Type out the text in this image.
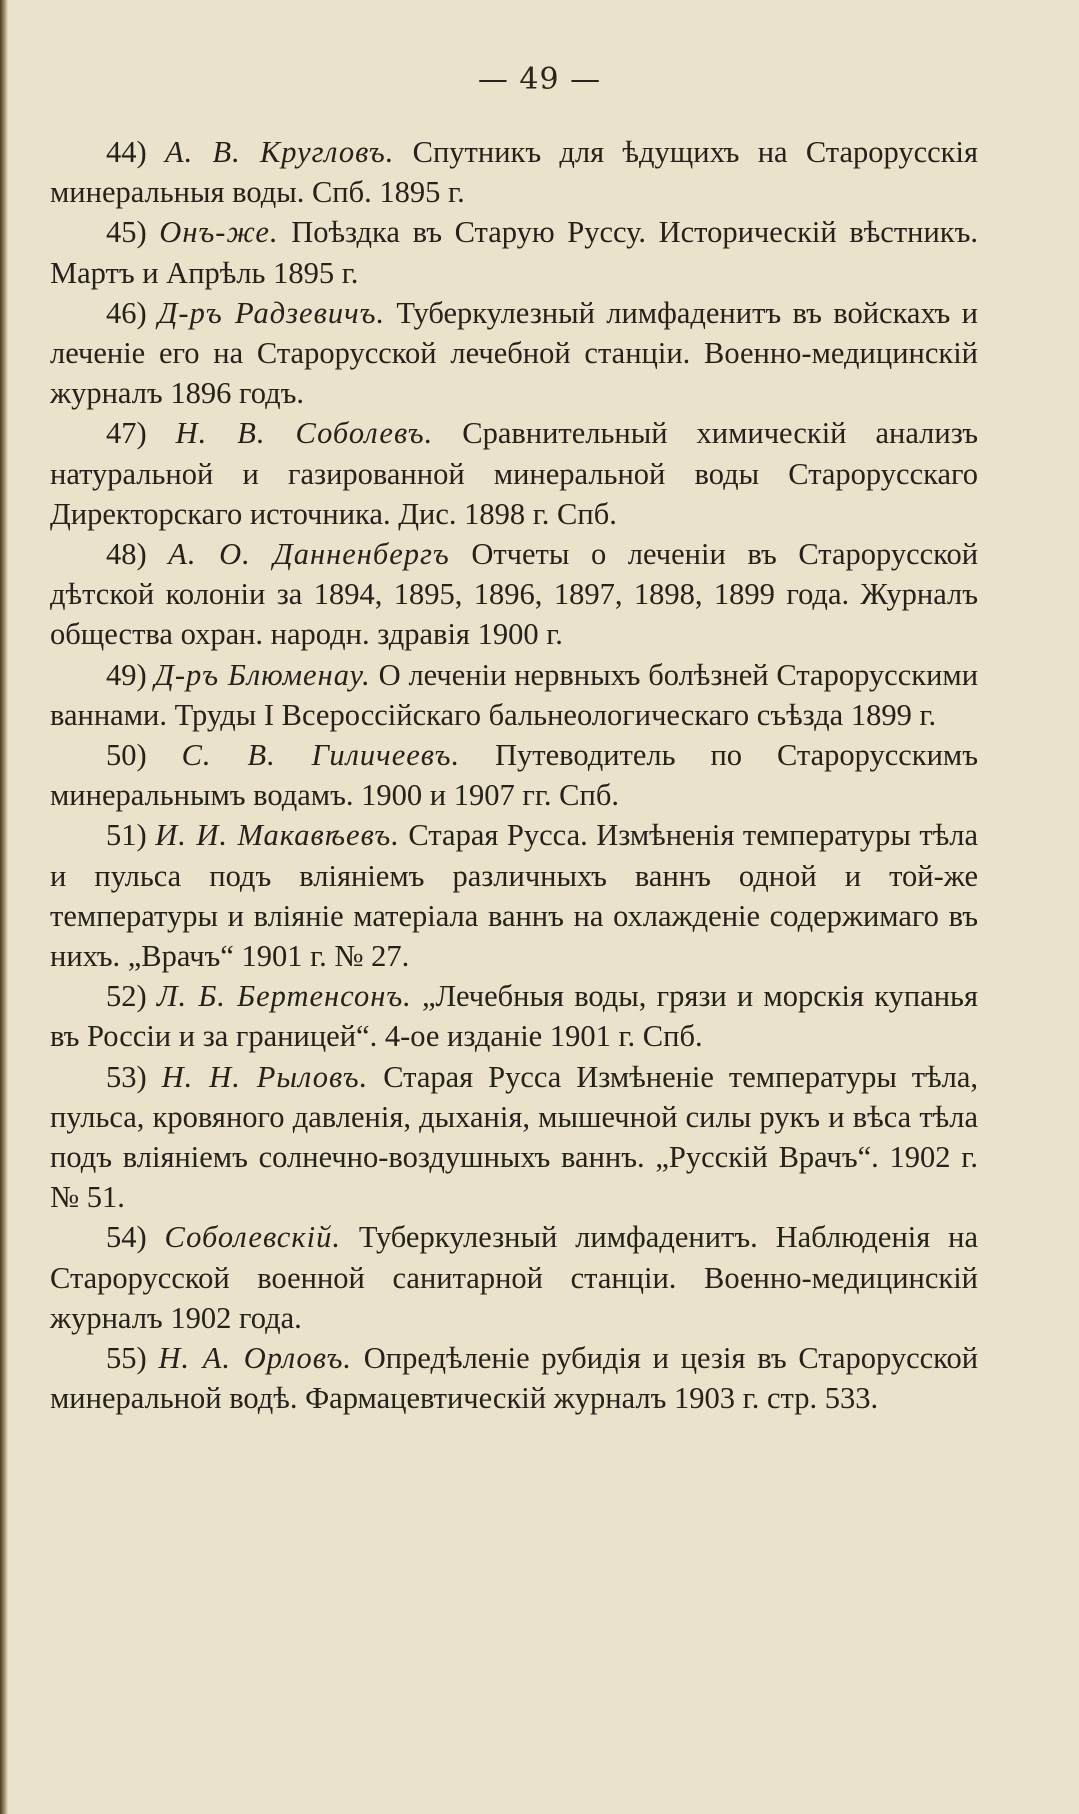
— 49 —

44) А. В. Кругловъ. Спутникъ для ѣдущихъ на Старорусскія минеральныя воды. Спб. 1895 г.

45) Онъ-же. Поѣздка въ Старую Руссу. Историческій вѣстникъ. Мартъ и Апрѣль 1895 г.

46) Д-ръ Радзевичъ. Туберкулезный лимфаденитъ въ войскахъ и леченіе его на Старорусской лечебной станціи. Военно-медицинскій журналъ 1896 годъ.

47) Н. В. Соболевъ. Сравнительный химическій анализъ натуральной и газированной минеральной воды Старорусскаго Директорскаго источника. Дис. 1898 г. Спб.

48) А. О. Данненбергъ Отчеты о леченіи въ Старорусской дѣтской колоніи за 1894, 1895, 1896, 1897, 1898, 1899 года. Журналъ общества охран. народн. здравія 1900 г.

49) Д-ръ Блюменау. О леченіи нервныхъ болѣзней Старорусскими ваннами. Труды I Всероссійскаго бальнеологическаго съѣзда 1899 г.

50) С. В. Гиличеевъ. Путеводитель по Старорусскимъ минеральнымъ водамъ. 1900 и 1907 гг. Спб.

51) И. И. Макавѣевъ. Старая Русса. Измѣненія температуры тѣла и пульса подъ вліяніемъ различныхъ ваннъ одной и той-же температуры и вліяніе матеріала ваннъ на охлажденіе содержимаго въ нихъ. „Врачъ“ 1901 г. № 27.

52) Л. Б. Бертенсонъ. „Лечебныя воды, грязи и морскія купанья въ Россіи и за границей“. 4-ое изданіе 1901 г. Спб.

53) Н. Н. Рыловъ. Старая Русса Измѣненіе температуры тѣла, пульса, кровяного давленія, дыханія, мышечной силы рукъ и вѣса тѣла подъ вліяніемъ солнечно-воздушныхъ ваннъ. „Русскій Врачъ“. 1902 г. № 51.

54) Соболевскій. Туберкулезный лимфаденитъ. Наблюденія на Старорусской военной санитарной станціи. Военно-медицинскій журналъ 1902 года.

55) Н. А. Орловъ. Опредѣленіе рубидія и цезія въ Старорусской минеральной водѣ. Фармацевтическій журналъ 1903 г. стр. 533.
